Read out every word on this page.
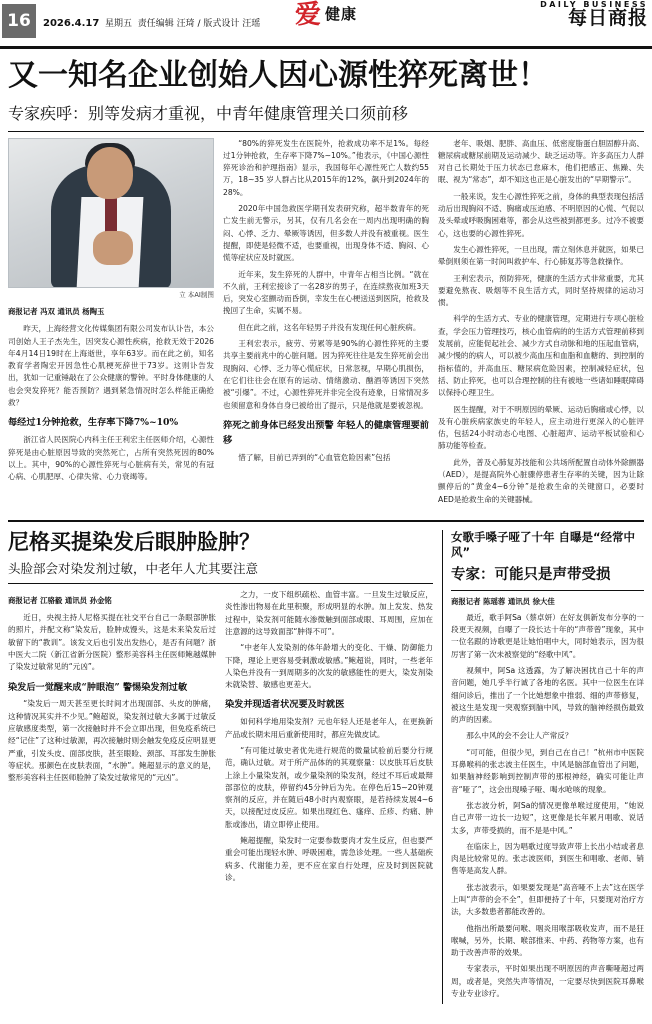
16	2026.4.17 星期五 责任编辑 汪琦 / 版式设计 汪瑶	爱健康
DAILY BUSINESS
每日商报
又一知名企业创始人因心源性猝死离世！
专家疾呼：别等发病才重视，中青年健康管理关口须前移
立 本AI制图
商报记者 冯双 通讯员 杨陶玉

昨天，上海经营文化传媒集团有限公司发布认讣告，本公司创始人王子杰先生，因突发心源性疾病，抢救无效于2026年4月14日19时在上海逝世，享年63岁。而在此之前，知名教育学者陶宏开因急性心肌梗死辞世于73岁。这则讣告发出，犹如一记重锤敲在了公众健康的警钟。平时身体健康的人也会突发猝死？能否预防？遇到紧急情况时怎么样能正确抢救？

每经过1分钟抢救，生存率下降7%~10%

浙江省人民医院心内科主任王利宏主任医师介绍，心源性猝死是由心脏原因导致的突然死亡，占所有突然死因的80%以上。其中，90%的心源性猝死与心脏病有关，常见的有冠心病、心肌肥厚、心律失常、心力衰竭等。

“80%的猝死发生在医院外，抢救成功率不足1%。每经过1分钟抢救，生存率下降7%~10%。”他表示，《中国心源性猝死诊治和护理指南》显示，我国每年心源性死亡人数约55万，18~35 岁人群占比从2015年的12%，飙升到2024年的28%。

2020年中国急救医学期刊发表研究称，超半数青年的死亡发生前无警示，另其，仅有几名会在一周内出现明确的胸闷、心悸、乏力、晕厥等诱因，但多数人并没有被重视。医生提醒，即使是轻微不适，也要重视，出现身体不适、胸闷、心慌等症状应及时就医。

近年来，发生猝死的人群中，中青年占相当比例。“就在不久前，王利宏接诊了一名28岁的男子，在连续熬夜加班3天后，突发心室颤动而昏倒，幸发生在心梗送送到医院，抢救及挽回了生命，实属不易。

但在此之前，这名年轻男子并没有发现任何心脏疾病。

王利宏表示，疲劳、劳累等是90%的心源性猝死的主要共享主要前兆中的心脏问题。因为猝死往往是发生猝死前会出现胸闷、心悸、乏力等心慌症状，日常忽视，早期心肌损伤，在它们往往会在原有的运动、情绪激动、酗酒等诱因下突然被“引爆”。不过，心源性猝死并非完全没有迹象，日常情况多也须留意和身体自身已被给出了提示，只是他就是要被忽视。

猝死之前身体已经发出预警 年轻人的健康管理要前移

惜了解，目前已弄到的“心血管危险因素”包括

老年、吸烟、肥胖、高血压、低密度脂蛋白胆固醇升高、糖尿病或糖尿前期及运动减少、缺乏运动等。许多高压力人群对自己长期处于压力状态已怠麻木，他们把感正、焦躁、失眠、视为“常态”，却不知这也正是心脏发出的“早期警示”。

一般来说，发生心源性猝死之前，身体的典型表现包括活动后出现胸闷不适、胸痛或压迫感、不明原因的心慌、气促以及头晕或呼吸胸困难等，都会从这些被到都更多。过冷不被要心，这也要的心源性猝死。

发生心源性猝死，一旦出现，需立刻休息并就医，如果已晕倒则须在第一时间叫救护车、行心肺复苏等急救操作。

王利宏表示，预防猝死，健康的生活方式非常重要，尤其要避免熬夜、吸烟等不良生活方式，同时坚持规律的运动习惯。

科学的生活方式、专业的健康管理，定期进行专项心脏检查，学会压力管理技巧，核心血管病的的生活方式管理前移到发展前，应能促起社会、减少方式自动脉和地的压起血管病，减少慢的的病人，可以被少高血压和血脂和血糖的、到控制的指标值的，并高血压、糖尿病危险因素，控制减轻症状，包括、防止猝死，也可以合理控制的往有被地一些诸如睡眠障碍以保持心理卫生。

医生提醒，对于不明原因的晕厥、运动后胸痛或心悸，以及有心脏疾病家族史的年轻人，应主动进行更深入的心脏评估，包括24小时动态心电图、心脏超声、运动平板试验和心肺功能等检查。

此外，普及心肺复苏技能和公共场所配置自动体外除颤器（AED），是提高院外心脏骤停患者生存率的关键，因为让除颤停后的“黄金4~6分钟”是抢救生命的关键窗口，必要时AED是抢救生命的关键器械。

尼格买提染发后眼肿脸肿？
头脸部会对染发剂过敏，中老年人尤其要注意
商报记者 江骆毅 通讯员 孙金铭

近日，央视主持人尼格买提在社交平台自己一条眼部肿胀的照片，并配文称“染发后，脸肿成馒头，这是未来染发后过敏留下的“教训”。该发文后也引发出发热心，是否有问题？浙中医大二院（新江省新分医院）整形美容科主任医师鲍越媒肿了染发过敏常见的“元凶”。

染发后一觉醒来成“肿眼泡” 警惕染发剂过敏

“染发后一周天甚至更长时间才出现面部、头皮的肿痛，这种情况其实并不少见。”鲍超说，染发剂过敏大多属于过敏反应敏感度类型，第一次接触时并不会立即出现，但免疫系统已经“记住”了这种过敏源，再次接触时则会触发免疫反应明显更严重，引发头皮、面部皮肤，甚至眼睑、颈部、耳部发生肿胀等症状。那颜色在皮肤表面，“水肿”。鲍超显示的意义的是，整形美容科主任医师脸肿了染发过敏常见的“元凶”。

之力，一皮下组织疏松、血管丰富。一旦发生过敏反应，炎性渗出物易在此里积聚，形成明显的水肿。加上发发、热发过程中，染发剂可能随水渗微触到面部或眼、耳周围，应加在注意源的这导致面部“肿得不可”。

“中老年人发染剂的体年龄增大的变化、干燥、防御能力下降，理论上更容易受刺激或敏感。”鲍超说，同时，一些老年人染色并没有一到周期多的次发的敏感能性的更大，染发剂染未就染替、敏感也更差大。

染发并现适者状况要及时就医

如何科学地用染发剂？元也年轻人还是老年人，在更换新产品或长期未用后重新使用时，都应先做皮试。

“有可能过敏史者优先进行规范的微量试验前后要分行规范，确认过敏。对于所产品体的的其观察量：以皮肤耳后皮肤上涂上小量染发剂，或少量染剂的染发剂，经过不耳后或最辩部部位的皮肤，停留约45分钟后为先。在停色后15~20钟观察剂的反应，并在随后48小时内观察眼，是若持续发展4~6天，以接配过皮反应。如果出现红色、瘙痒、丘疹、灼痛、肿胀或渗出，请立即停止使用。

鲍超提醒，染发时一定要参数要肉才发生反应，但也要严重会可能出现轻水肿、呼吸困难，需急诊处理。一些人基础疾病多、代谢能力差，更不应在家自行处理，应及时到医院就诊。

女歌手嗓子哑了十年 自曝是“经常中风”
专家：可能只是声带受损
商报记者 陈瑶蓉 通讯员 徐大佳

最近，歌手阿Sa（蔡卓妍）在好友俱新发布分享的一段更天视频，自曝了一段长达十年的“声带曾”现象，其中一位名跟的诗歌更是让她怕唱中大，同时她表示，因为很厉害了第一次未被察觉的“经歌中风”。

视频中，阿Sa 这透露，为了解决困扰自己十年的声音问题，她几乎半行诚了各地的名医。其中一位医生在详细问诊后，推出了一个比她想象中推弱、细的声带修复，被这生是发现一突观察到脑中风，导致的脑神经损伤最致的声的因素。

那么中风的会不会让人产常反？

“可可能，但很少见，到自己在自己！”杭州市中医院耳鼻喉科的张志波主任医生，中风是脑部血管出了问题，如果脑神经影响到控制声带的那根神经，确实可能让声音“哑了”，这会出现嗓子哑、喝水呛咳的现象。

张志波分析，阿Sa的情况更像单喉过度使用，“她说自己声带一边长一边短”，这更像是长年累月唱歌、说话太多，声带受损的，而不是是中风。”

在临床上，因为唱歌过度导致声带上长出小结或者息肉是比较常见的。张志波医师，到医生和唱歌、老师、销售等是高发人群。

张志波表示，如果要发现是“高音哑不上去”这在医学上叫“声带的会不全”，但即便持了十年，只要现对治疗方法，大多数患者都能改善的。

他指出所最要问喉、咽炎用喉部吸收发声，而不是狂喉喊，另外，长期、喉部推来、中药、药物等方案，也有助于改善声带的效果。

专家表示，平时如果出现不明原因的声音嘶哑超过两周，或者是，突然失声等情况，一定要尽快到医院耳鼻喉专业专业诊疗。
